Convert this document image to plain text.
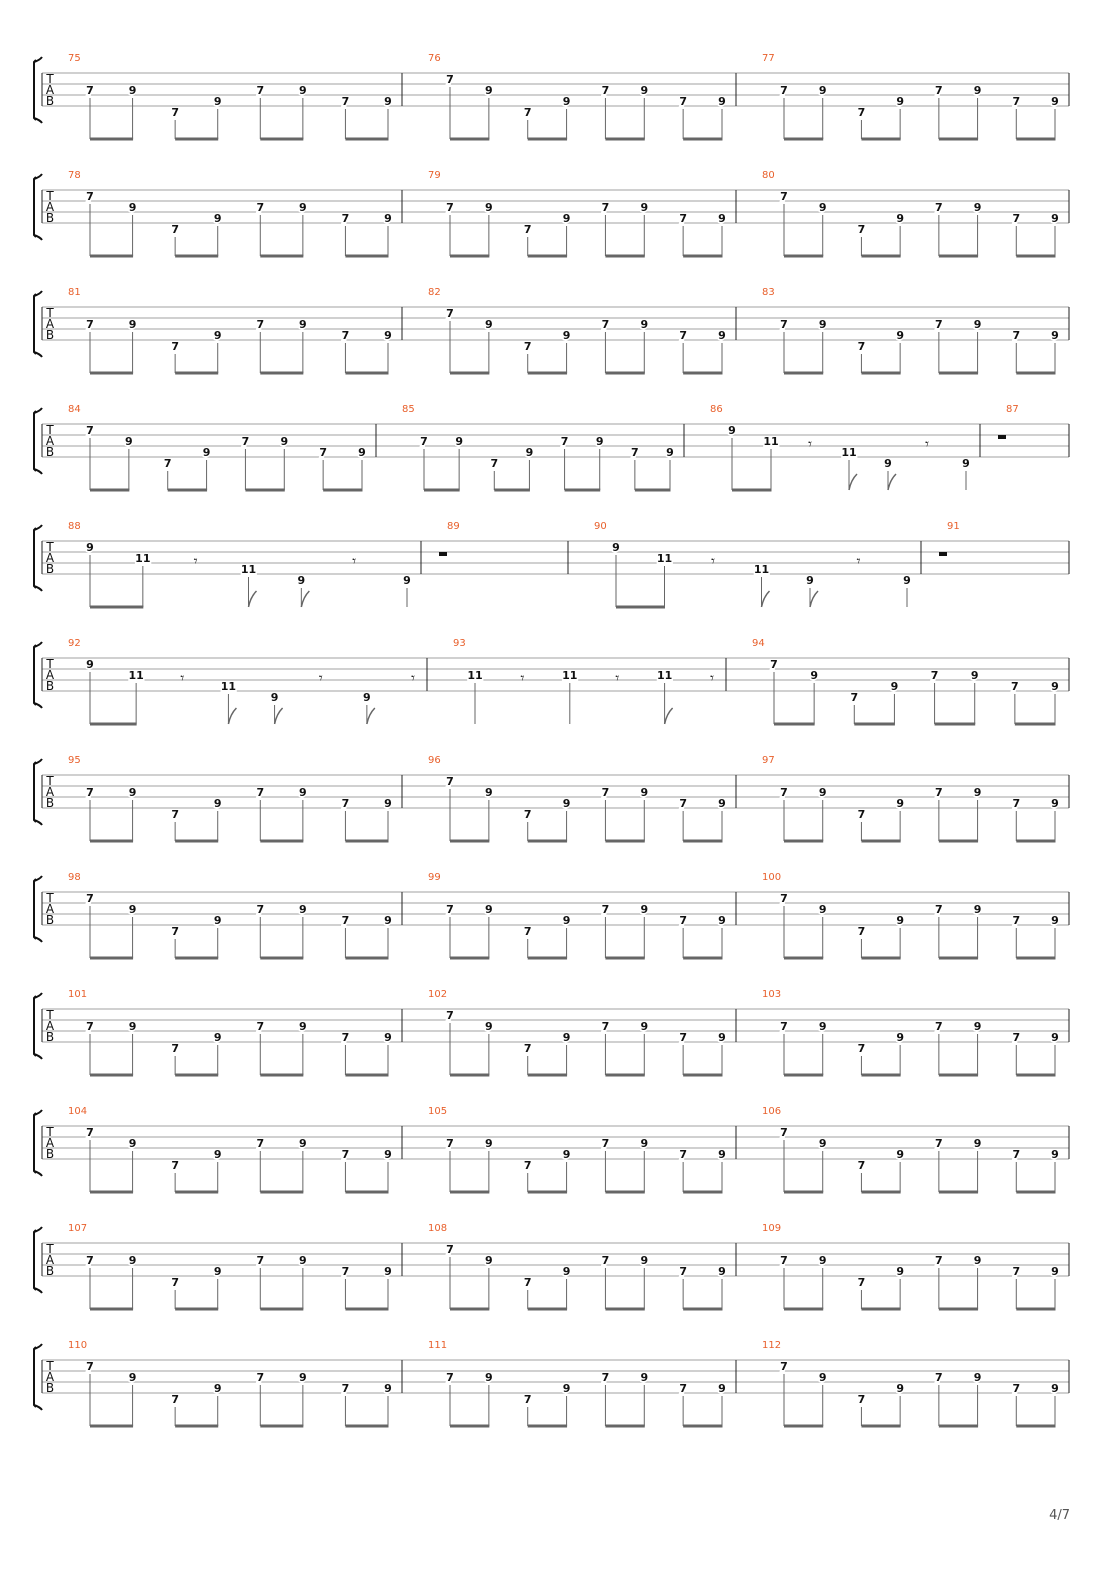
T
A
B
75
7	9
7
9
7	9
7	9
76
7
9
7
9
7	9
7	9
77
7	9
7
9
7	9
7	9
T
A
B
78
7
9
7
9
7	9
7	9
79
7	9
7
9
7	9
7	9
80
7
9
7
9
7	9
7	9
T
A
B
81
7	9
7
9
7	9
7	9
82
7
9
7
9
7	9
7	9
83
7	9
7
9
7	9
7	9
T
A
B
84
7
9
7
9
7	9
7	9
85
7 9
7
9
7 9
7 9
86
9
11 𝄾	11
9
𝄾
9
87
T
A
B
88
9
11	𝄾	11
9
𝄾
9
89	90
9
11	𝄾	11
9
𝄾
9
91
T
A
B
92
9
11 𝄾	11
9
𝄾
9
𝄾
93
11	𝄾	11	𝄾	11	𝄾
94
7
9
7
9
7	9
7	9
T
A
B
95
7	9
7
9
7	9
7	9
96
7
9
7
9
7	9
7	9
97
7	9
7
9
7	9
7	9
T
A
B
98
7
9
7
9
7	9
7	9
99
7	9
7
9
7	9
7	9
100
7
9
7
9
7	9
7	9
T
A
B
101
7	9
7
9
7	9
7	9
102
7
9
7
9
7	9
7	9
103
7	9
7
9
7	9
7	9
T
A
B
104
7
9
7
9
7	9
7	9
105
7	9
7
9
7	9
7	9
106
7
9
7
9
7	9
7	9
T
A
B
107
7	9
7
9
7	9
7	9
108
7
9
7
9
7	9
7	9
109
7	9
7
9
7	9
7	9
T
A
B
110
7
9
7
9
7	9
7	9
111
7	9
7
9
7	9
7	9
112
7
9
7
9
7	9
7	9
4/7
